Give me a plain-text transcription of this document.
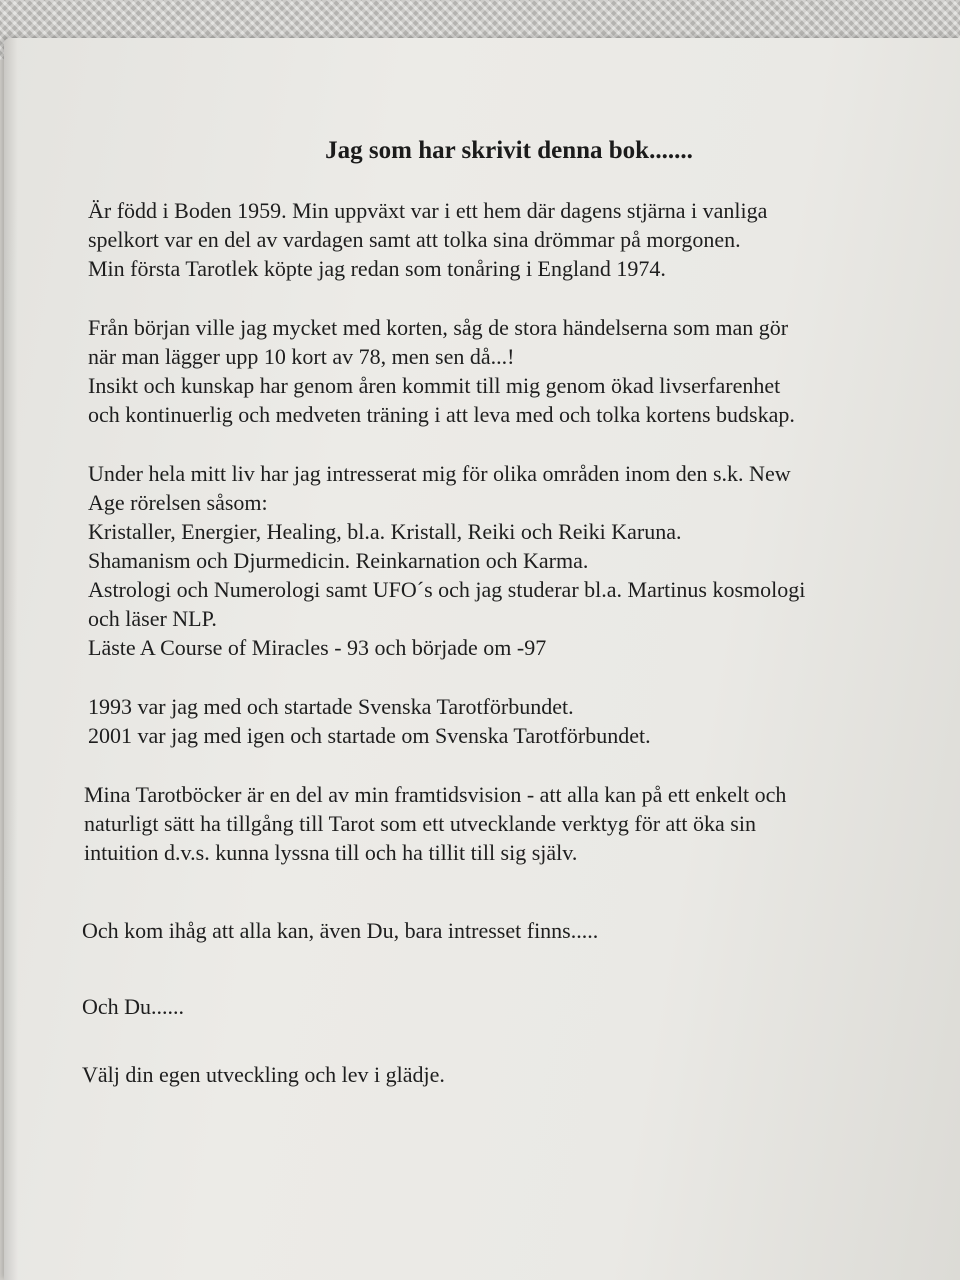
Jag som har skrivit denna bok.......

Är född i Boden 1959. Min uppväxt var i ett hem där dagens stjärna i vanliga

spelkort var en del av vardagen samt att tolka sina drömmar på morgonen.

Min första Tarotlek köpte jag redan som tonåring i England 1974.

Från början ville jag mycket med korten, såg de stora händelserna som man gör

när man lägger upp 10 kort av 78, men sen då...!

Insikt och kunskap har genom åren kommit till mig genom ökad livserfarenhet

och kontinuerlig och medveten träning i att leva med och tolka kortens budskap.

Under hela mitt liv har jag intresserat mig för olika områden inom den s.k. New

Age rörelsen såsom:

Kristaller, Energier, Healing, bl.a. Kristall, Reiki och Reiki Karuna.

Shamanism och Djurmedicin. Reinkarnation och Karma.

Astrologi och Numerologi samt UFO´s och jag studerar bl.a. Martinus kosmologi

och läser NLP.

Läste A Course of Miracles - 93 och började om -97

1993 var jag med och startade Svenska Tarotförbundet.

2001 var jag med igen och startade om Svenska Tarotförbundet.

Mina Tarotböcker är en del av min framtidsvision - att alla kan på ett enkelt och

naturligt sätt ha tillgång till Tarot som ett utvecklande verktyg för att öka sin

intuition d.v.s. kunna lyssna till och ha tillit till sig själv.

Och kom ihåg att alla kan, även Du, bara intresset finns.....

Och Du......

Välj din egen utveckling och lev i glädje.
